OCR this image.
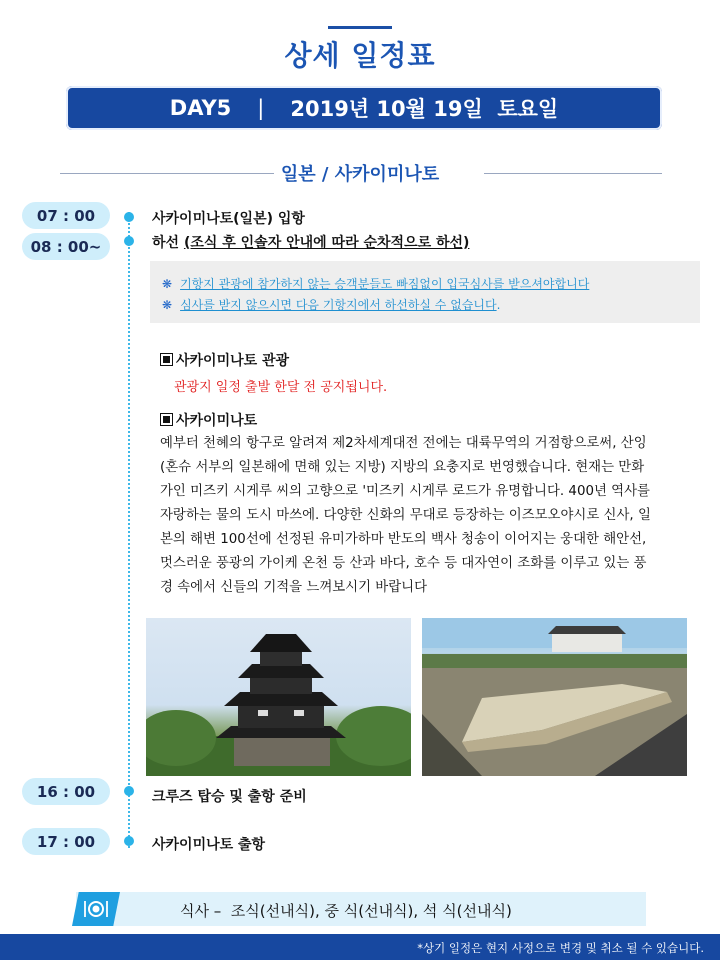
상세 일정표
DAY5 | 2019년 10월 19일  토요일
일본 / 사카이미나토
07 : 00
08 : 00~
사카이미나토(일본) 입항
하선 (조식 후 인솔자 안내에 따라 순차적으로 하선)
❋ 기항지 관광에 참가하지 않는 승객분들도 빠짐없이 입국심사를 받으셔야합니다
❋ 심사를 받지 않으시면 다음 기항지에서 하선하실 수 없습니다.
사카이미나토 관광
관광지 일정 출발 한달 전 공지됩니다.
사카이미나토
예부터 천혜의 항구로 알려져 제2차세계대전 전에는 대륙무역의 거점항으로써, 산잉(혼슈 서부의 일본해에 면해 있는 지방) 지방의 요충지로 번영했습니다. 현재는 만화가인 미즈키 시게루 씨의 고향으로 '미즈키 시게루 로드가 유명합니다. 400년 역사를 자랑하는 물의 도시 마쓰에. 다양한 신화의 무대로 등장하는 이즈모오야시로 신사, 일본의 해변 100선에 선정된 유미가하마 반도의 백사 청송이 이어지는 웅대한 해안선, 멋스러운 풍광의 가이케 온천 등 산과 바다, 호수 등 대자연이 조화를 이루고 있는 풍경 속에서 신들의 기적을 느껴보시기 바랍니다
16 : 00	크루즈 탑승 및 출항 준비
17 : 00	사카이미나토 출항
식사 –  조식(선내식), 중 식(선내식), 석 식(선내식)
*상기 일정은 현지 사정으로 변경 및 취소 될 수 있습니다.
